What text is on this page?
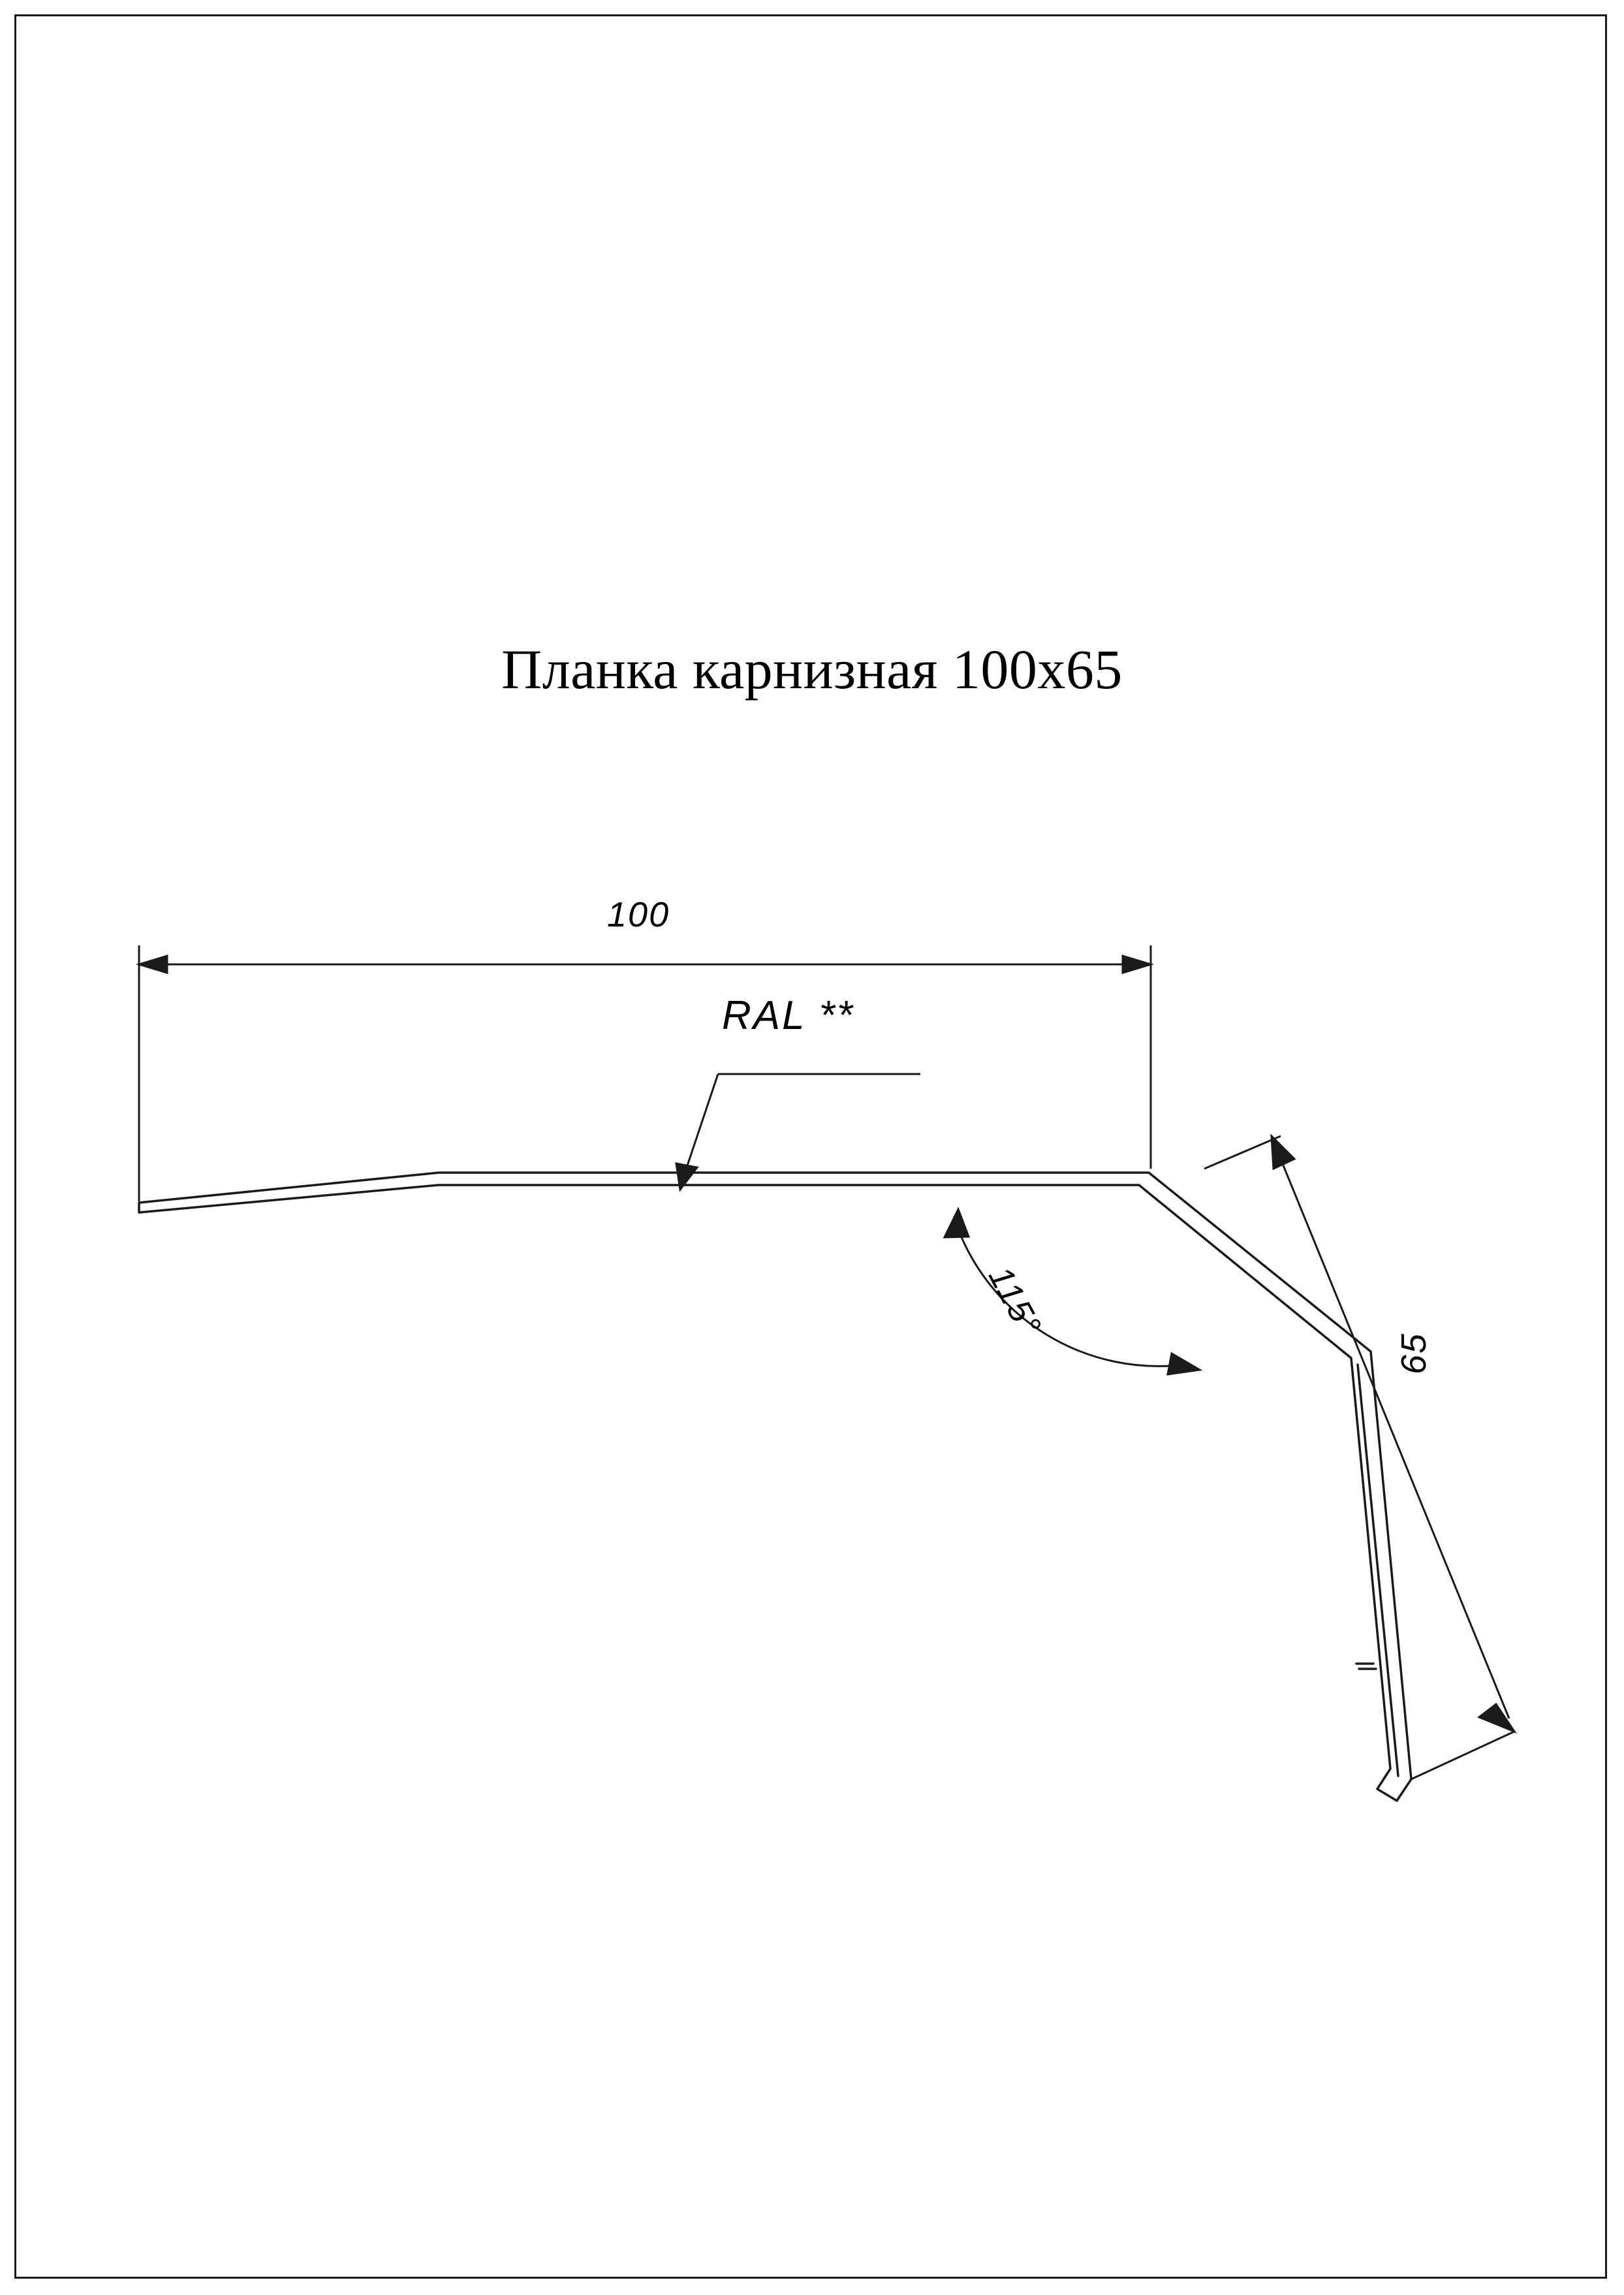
Планка карнизная 100x65
100
RAL **
115°
65
